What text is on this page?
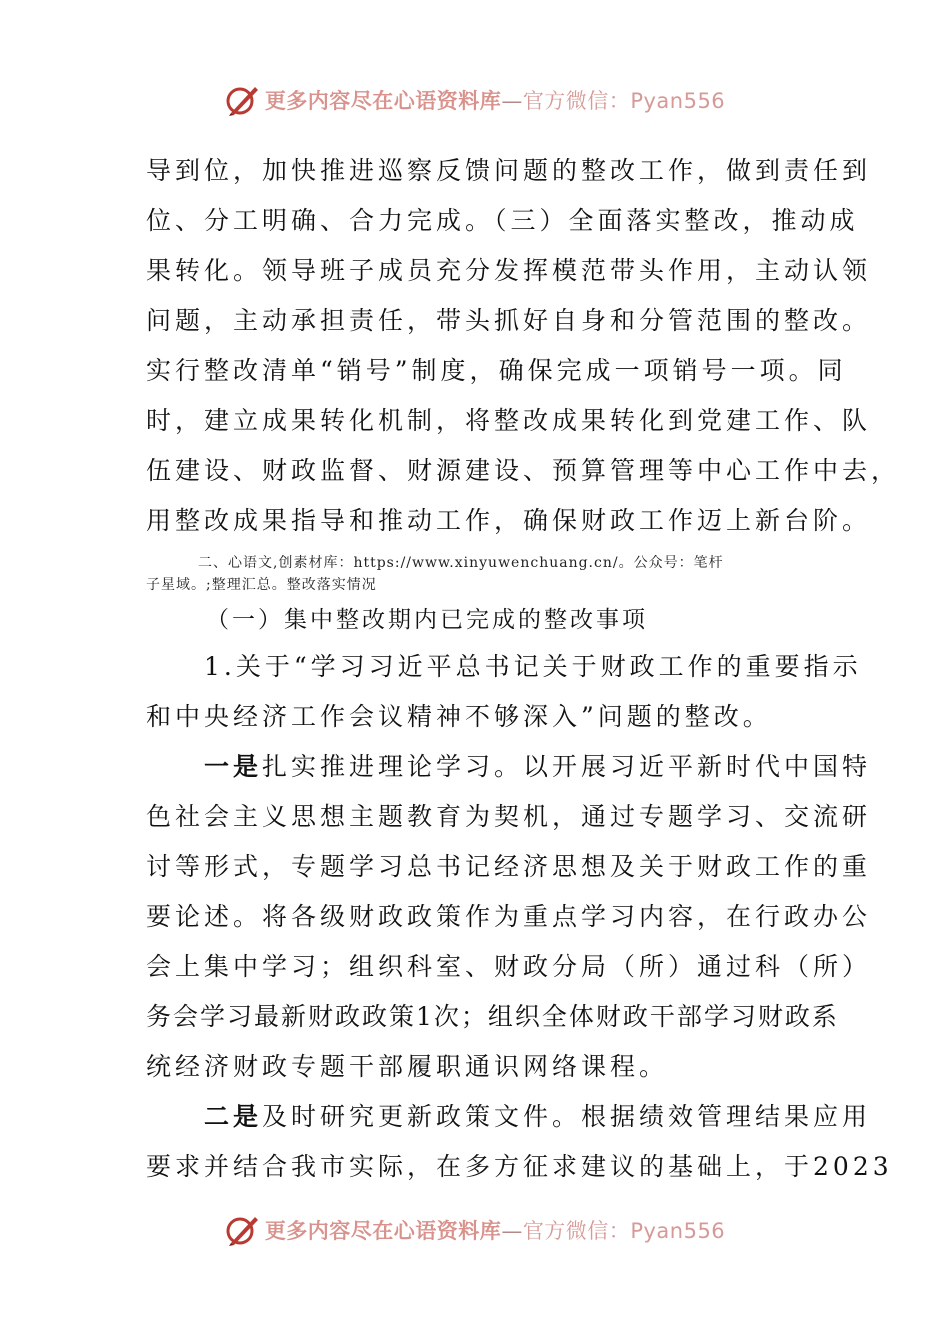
更多内容尽在心语资料库—官方微信：Pyan556
导到位，加快推进巡察反馈问题的整改工作，做到责任到
位、分工明确、合力完成。（三）全面落实整改，推动成
果转化。领导班子成员充分发挥模范带头作用，主动认领
问题，主动承担责任，带头抓好自身和分管范围的整改。
实行整改清单“销号”制度，确保完成一项销号一项。同
时，建立成果转化机制，将整改成果转化到党建工作、队
伍建设、财政监督、财源建设、预算管理等中心工作中去，
用整改成果指导和推动工作，确保财政工作迈上新台阶。
二、心语文,创素材库：https://www.xinyuwenchuang.cn/。公众号：笔杆
子星域。;整理汇总。整改落实情况
（一）集中整改期内已完成的整改事项
1.关于“学习习近平总书记关于财政工作的重要指示
和中央经济工作会议精神不够深入”问题的整改。
一是扎实推进理论学习。以开展习近平新时代中国特
色社会主义思想主题教育为契机，通过专题学习、交流研
讨等形式，专题学习总书记经济思想及关于财政工作的重
要论述。将各级财政政策作为重点学习内容，在行政办公
会上集中学习；组织科室、财政分局（所）通过科（所）
务会学习最新财政政策1次；组织全体财政干部学习财政系
统经济财政专题干部履职通识网络课程。
二是及时研究更新政策文件。根据绩效管理结果应用
要求并结合我市实际，在多方征求建议的基础上，于2023
更多内容尽在心语资料库—官方微信：Pyan556
